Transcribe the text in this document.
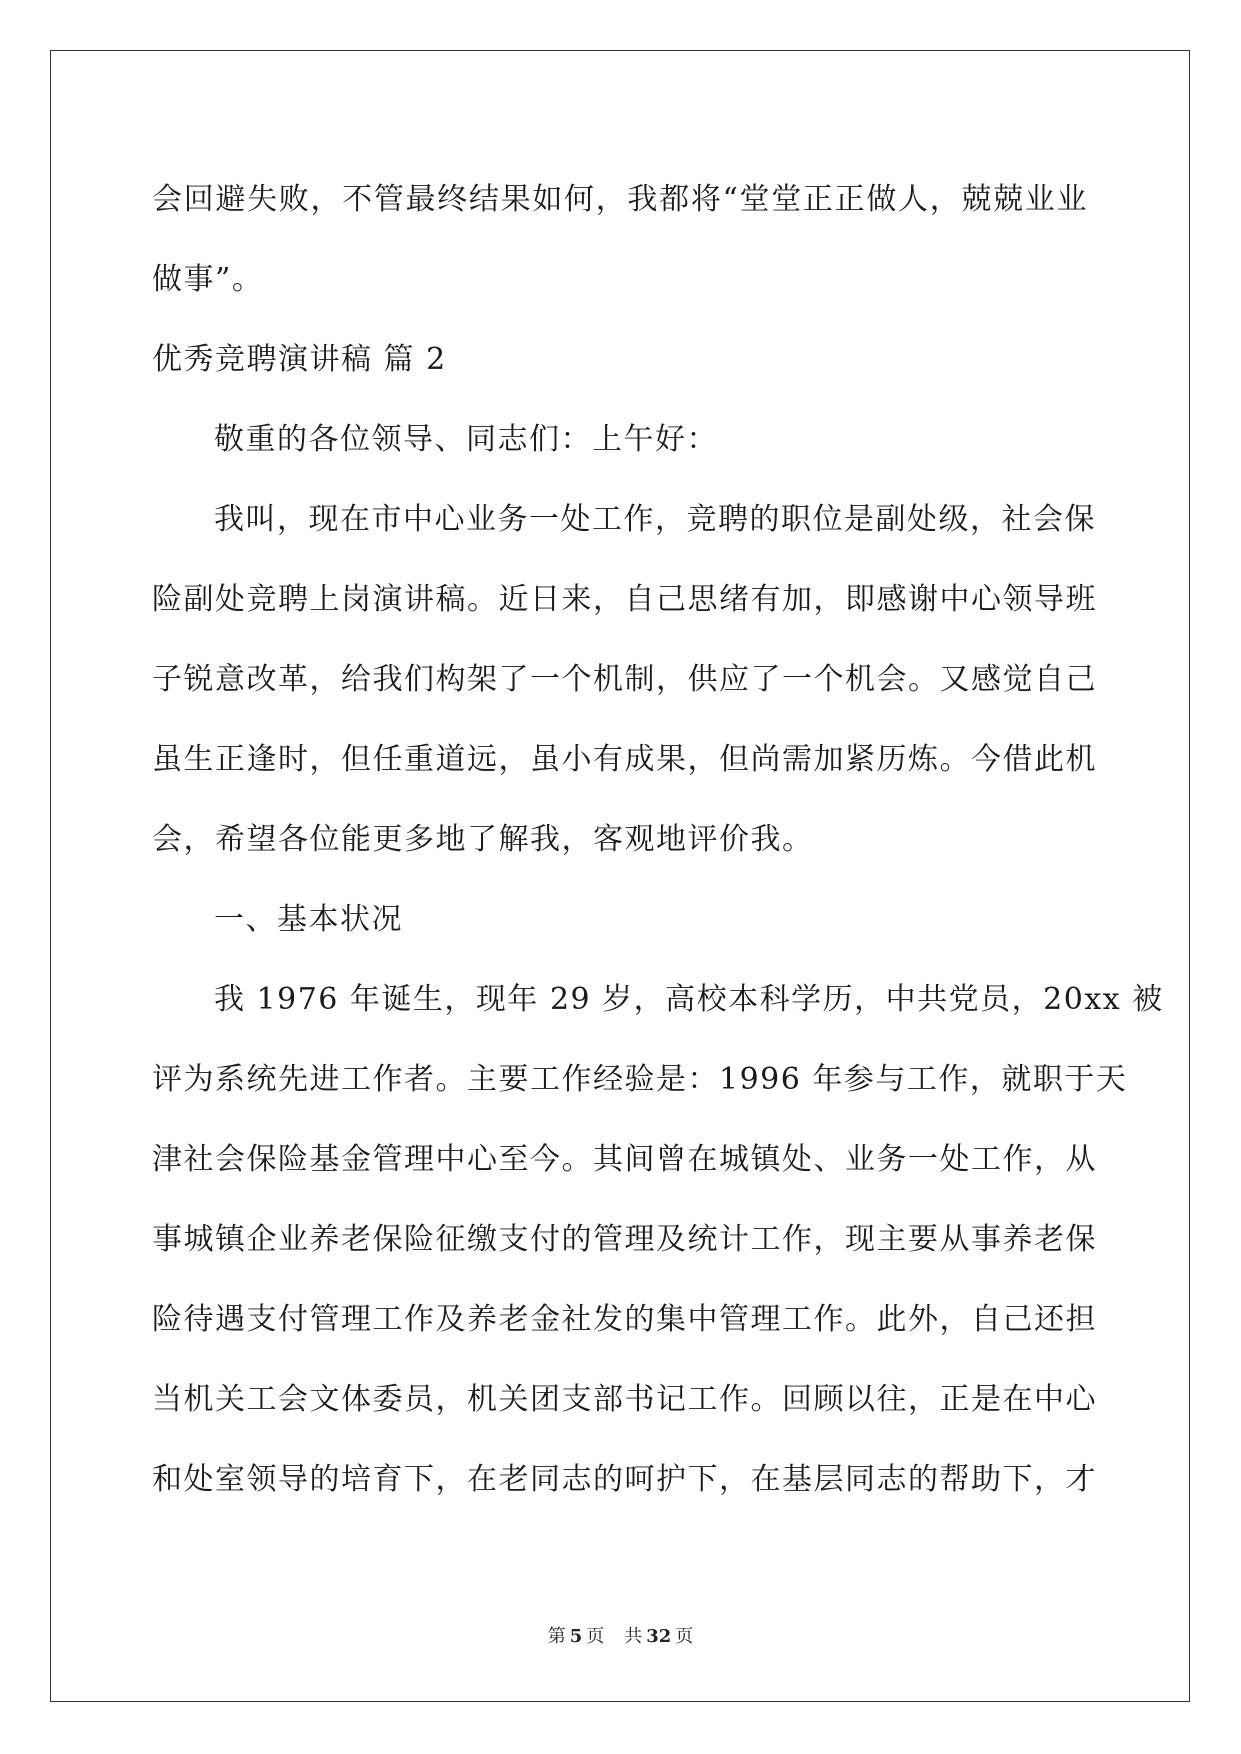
会回避失败，不管最终结果如何，我都将“堂堂正正做人，兢兢业业
做事”。
优秀竞聘演讲稿 篇 2
敬重的各位领导、同志们：上午好：
我叫，现在市中心业务一处工作，竞聘的职位是副处级，社会保
险副处竞聘上岗演讲稿。近日来，自己思绪有加，即感谢中心领导班
子锐意改革，给我们构架了一个机制，供应了一个机会。又感觉自己
虽生正逢时，但任重道远，虽小有成果，但尚需加紧历炼。今借此机
会，希望各位能更多地了解我，客观地评价我。
一、基本状况
我 1976 年诞生，现年 29 岁，高校本科学历，中共党员，20xx 被
评为系统先进工作者。主要工作经验是：1996 年参与工作，就职于天
津社会保险基金管理中心至今。其间曾在城镇处、业务一处工作，从
事城镇企业养老保险征缴支付的管理及统计工作，现主要从事养老保
险待遇支付管理工作及养老金社发的集中管理工作。此外，自己还担
当机关工会文体委员，机关团支部书记工作。回顾以往，正是在中心
和处室领导的培育下，在老同志的呵护下，在基层同志的帮助下，才
第 5 页 共 32 页
